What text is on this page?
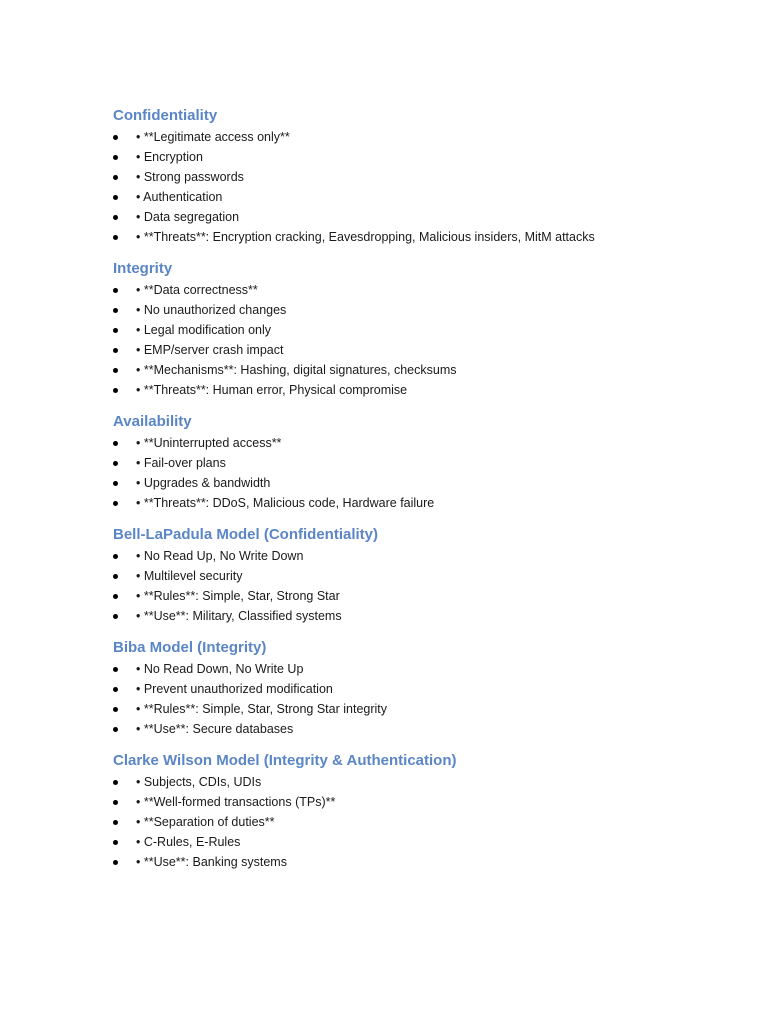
Confidentiality
• **Legitimate access only**
• Encryption
• Strong passwords
• Authentication
• Data segregation
• **Threats**: Encryption cracking, Eavesdropping, Malicious insiders, MitM attacks
Integrity
• **Data correctness**
• No unauthorized changes
• Legal modification only
• EMP/server crash impact
• **Mechanisms**: Hashing, digital signatures, checksums
• **Threats**: Human error, Physical compromise
Availability
• **Uninterrupted access**
• Fail-over plans
• Upgrades & bandwidth
• **Threats**: DDoS, Malicious code, Hardware failure
Bell-LaPadula Model (Confidentiality)
• No Read Up, No Write Down
• Multilevel security
• **Rules**: Simple, Star, Strong Star
• **Use**: Military, Classified systems
Biba Model (Integrity)
• No Read Down, No Write Up
• Prevent unauthorized modification
• **Rules**: Simple, Star, Strong Star integrity
• **Use**: Secure databases
Clarke Wilson Model (Integrity & Authentication)
• Subjects, CDIs, UDIs
• **Well-formed transactions (TPs)**
• **Separation of duties**
• C-Rules, E-Rules
• **Use**: Banking systems
